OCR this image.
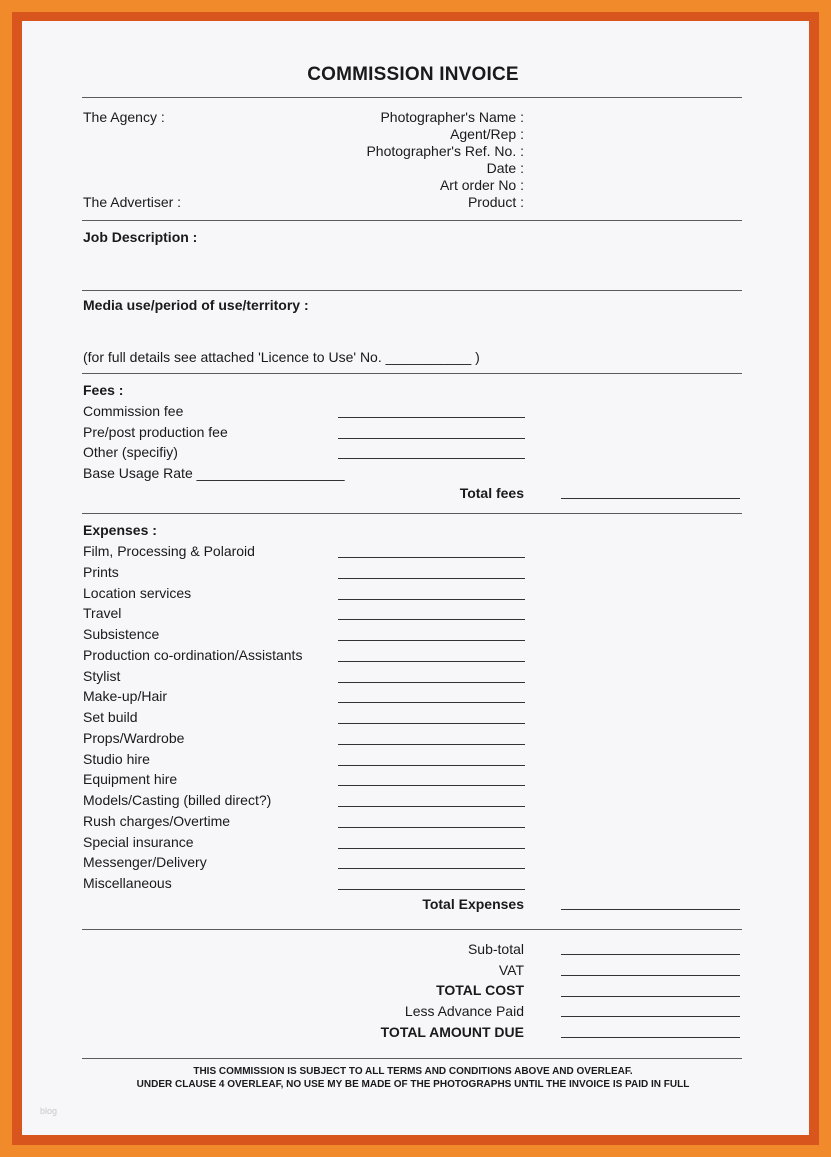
COMMISSION INVOICE
The Agency :
The Advertiser :
Photographer's Name :
Agent/Rep :
Photographer's Ref. No. :
Date :
Art order No :
Product :
Job Description :
Media use/period of use/territory :
(for full details see attached 'Licence to Use' No. ___________ )
Fees :
Commission fee
Pre/post production fee
Other (specifiy)
Base Usage Rate ___________________
Total fees
Expenses :
Film, Processing & Polaroid
Prints
Location services
Travel
Subsistence
Production co-ordination/Assistants
Stylist
Make-up/Hair
Set build
Props/Wardrobe
Studio hire
Equipment hire
Models/Casting (billed direct?)
Rush charges/Overtime
Special insurance
Messenger/Delivery
Miscellaneous
Total Expenses
Sub-total
VAT
TOTAL COST
Less Advance Paid
TOTAL AMOUNT DUE
THIS COMMISSION IS SUBJECT TO ALL TERMS AND CONDITIONS ABOVE AND OVERLEAF.
UNDER CLAUSE 4 OVERLEAF, NO USE MY BE MADE OF THE PHOTOGRAPHS UNTIL THE INVOICE IS PAID IN FULL
blog
